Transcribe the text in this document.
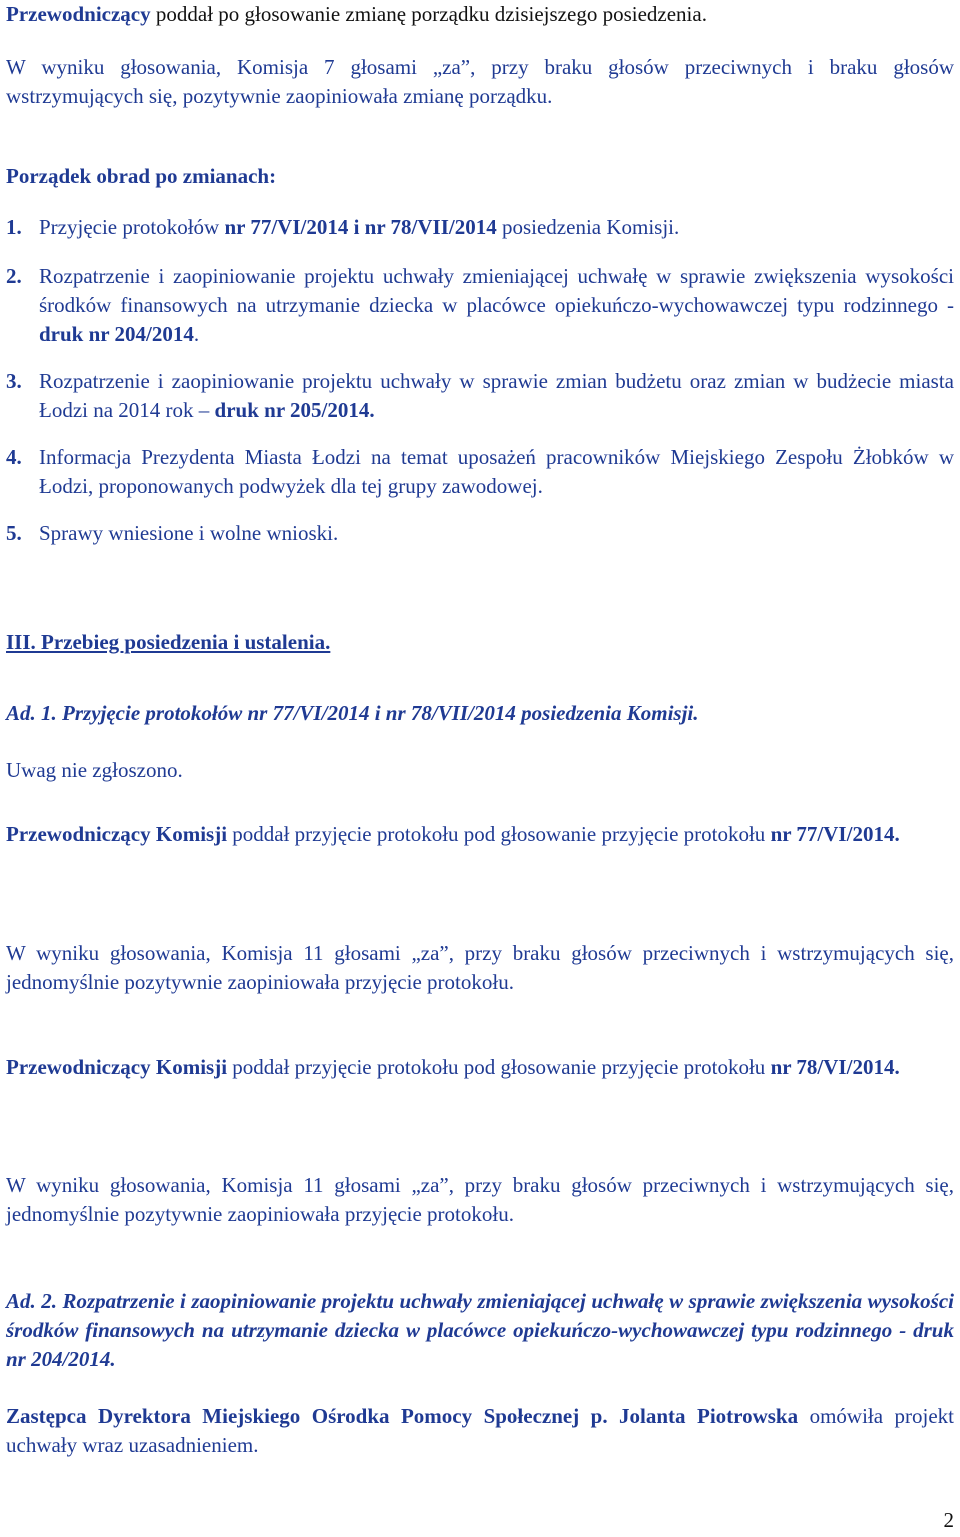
Przewodniczący poddał po głosowanie zmianę porządku dzisiejszego posiedzenia.

W wyniku głosowania, Komisja 7 głosami „za”, przy braku głosów przeciwnych i braku głosów wstrzymujących się, pozytywnie zaopiniowała zmianę porządku.

Porządek obrad po zmianach:

1. Przyjęcie protokołów nr 77/VI/2014 i nr 78/VII/2014 posiedzenia Komisji.

2. Rozpatrzenie i zaopiniowanie projektu uchwały zmieniającej uchwałę w sprawie zwiększenia wysokości środków finansowych na utrzymanie dziecka w placówce opiekuńczo-wychowawczej typu rodzinnego - druk nr 204/2014.

3. Rozpatrzenie i zaopiniowanie projektu uchwały w sprawie zmian budżetu oraz zmian w budżecie miasta Łodzi na 2014 rok – druk nr 205/2014.

4. Informacja Prezydenta Miasta Łodzi na temat uposażeń pracowników Miejskiego Zespołu Żłobków w Łodzi, proponowanych podwyżek dla tej grupy zawodowej.

5. Sprawy wniesione i wolne wnioski.

III. Przebieg posiedzenia i ustalenia.

Ad. 1. Przyjęcie protokołów nr 77/VI/2014 i nr 78/VII/2014 posiedzenia Komisji.

Uwag nie zgłoszono.

Przewodniczący Komisji poddał przyjęcie protokołu pod głosowanie przyjęcie protokołu nr 77/VI/2014.

W wyniku głosowania, Komisja 11 głosami „za”, przy braku głosów przeciwnych i wstrzymujących się, jednomyślnie pozytywnie zaopiniowała przyjęcie protokołu.

Przewodniczący Komisji poddał przyjęcie protokołu pod głosowanie przyjęcie protokołu nr 78/VI/2014.

W wyniku głosowania, Komisja 11 głosami „za”, przy braku głosów przeciwnych i wstrzymujących się, jednomyślnie pozytywnie zaopiniowała przyjęcie protokołu.

Ad. 2. Rozpatrzenie i zaopiniowanie projektu uchwały zmieniającej uchwałę w sprawie zwiększenia wysokości środków finansowych na utrzymanie dziecka w placówce opiekuńczo-wychowawczej typu rodzinnego - druk nr 204/2014.

Zastępca Dyrektora Miejskiego Ośrodka Pomocy Społecznej p. Jolanta Piotrowska omówiła projekt uchwały wraz uzasadnieniem.

2
